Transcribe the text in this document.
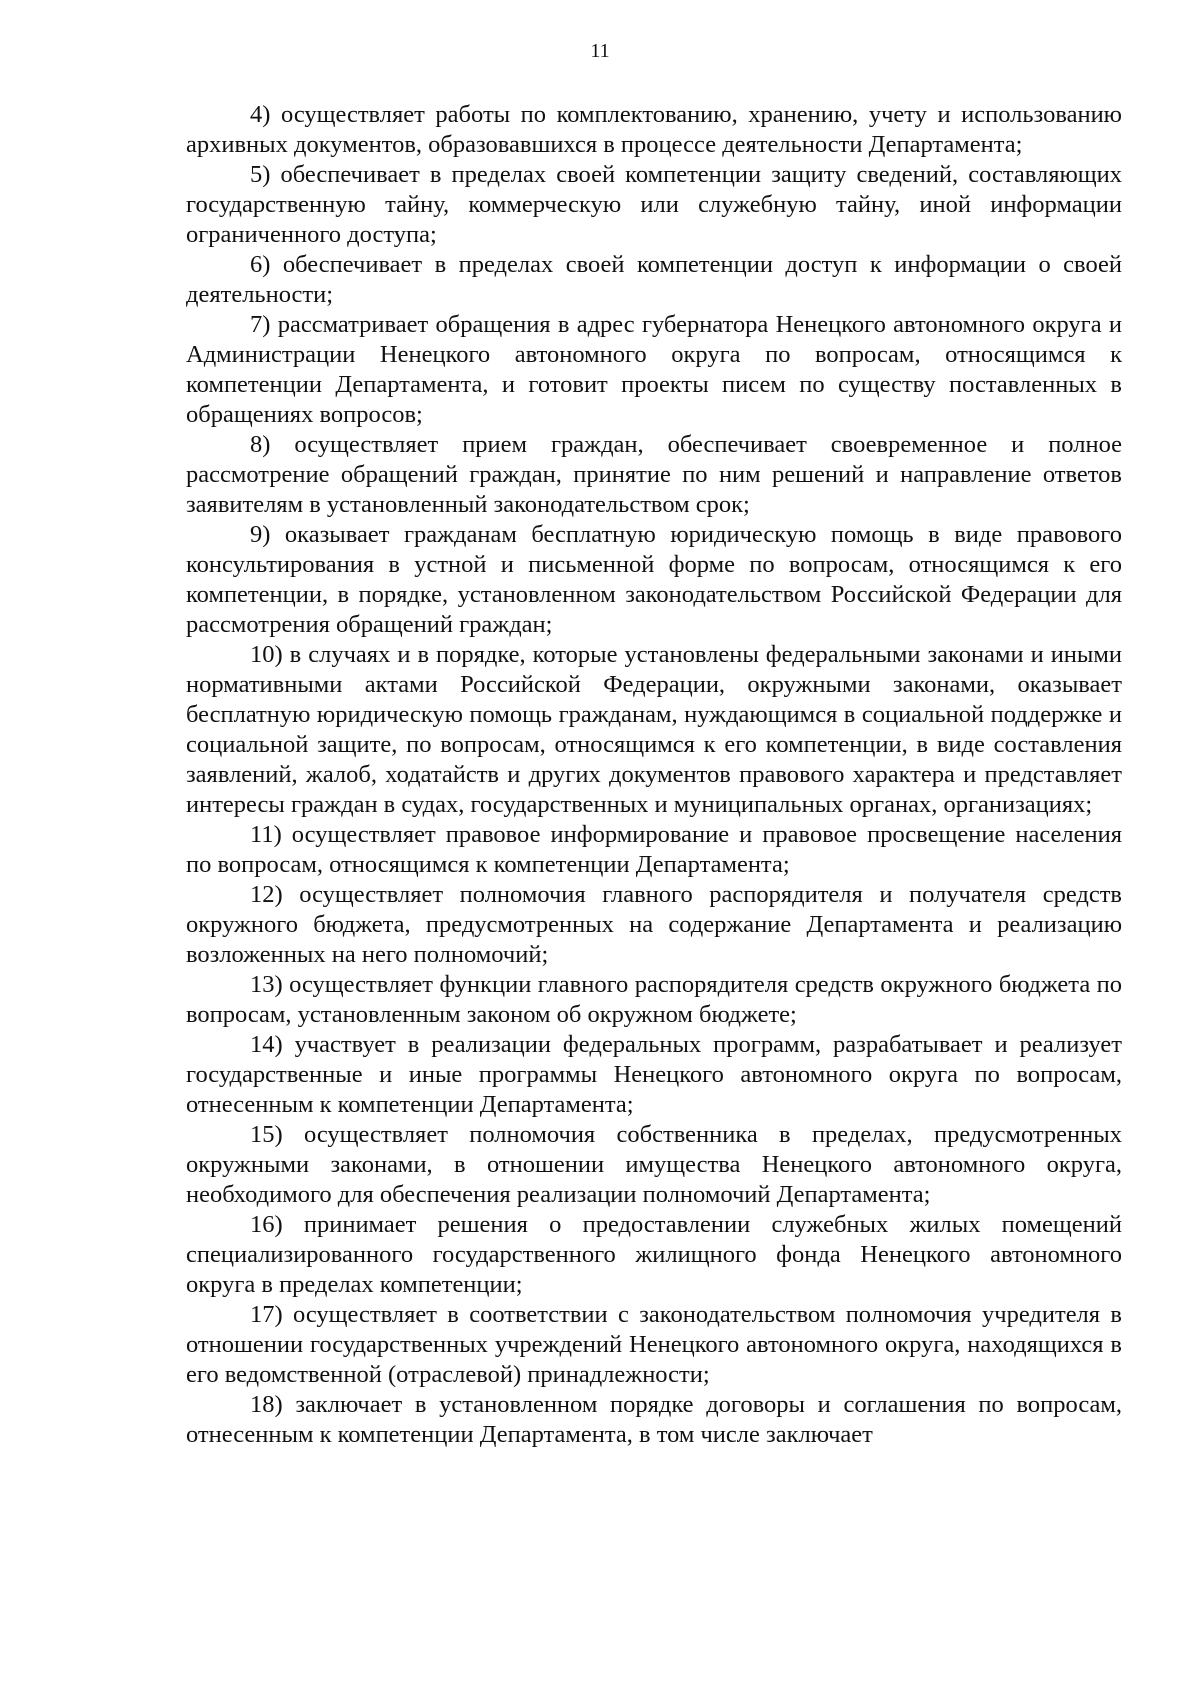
11

4) осуществляет работы по комплектованию, хранению, учету и использованию архивных документов, образовавшихся в процессе деятельности Департамента;

5) обеспечивает в пределах своей компетенции защиту сведений, составляющих государственную тайну, коммерческую или служебную тайну, иной информации ограниченного доступа;

6) обеспечивает в пределах своей компетенции доступ к информации о своей деятельности;

7) рассматривает обращения в адрес губернатора Ненецкого автономного округа и Администрации Ненецкого автономного округа по вопросам, относящимся к компетенции Департамента, и готовит проекты писем по существу поставленных в обращениях вопросов;

8) осуществляет прием граждан, обеспечивает своевременное и полное рассмотрение обращений граждан, принятие по ним решений и направление ответов заявителям в установленный законодательством срок;

9) оказывает гражданам бесплатную юридическую помощь в виде правового консультирования в устной и письменной форме по вопросам, относящимся к его компетенции, в порядке, установленном законодательством Российской Федерации для рассмотрения обращений граждан;

10) в случаях и в порядке, которые установлены федеральными законами и иными нормативными актами Российской Федерации, окружными законами, оказывает бесплатную юридическую помощь гражданам, нуждающимся в социальной поддержке и социальной защите, по вопросам, относящимся к его компетенции, в виде составления заявлений, жалоб, ходатайств и других документов правового характера и представляет интересы граждан в судах, государственных и муниципальных органах, организациях;

11) осуществляет правовое информирование и правовое просвещение населения по вопросам, относящимся к компетенции Департамента;

12) осуществляет полномочия главного распорядителя и получателя средств окружного бюджета, предусмотренных на содержание Департамента и реализацию возложенных на него полномочий;

13) осуществляет функции главного распорядителя средств окружного бюджета по вопросам, установленным законом об окружном бюджете;

14) участвует в реализации федеральных программ, разрабатывает и реализует государственные и иные программы Ненецкого автономного округа по вопросам, отнесенным к компетенции Департамента;

15) осуществляет полномочия собственника в пределах, предусмотренных окружными законами, в отношении имущества Ненецкого автономного округа, необходимого для обеспечения реализации полномочий Департамента;

16) принимает решения о предоставлении служебных жилых помещений специализированного государственного жилищного фонда Ненецкого автономного округа в пределах компетенции;

17) осуществляет в соответствии с законодательством полномочия учредителя в отношении государственных учреждений Ненецкого автономного округа, находящихся в его ведомственной (отраслевой) принадлежности;

18) заключает в установленном порядке договоры и соглашения по вопросам, отнесенным к компетенции Департамента, в том числе заключает
